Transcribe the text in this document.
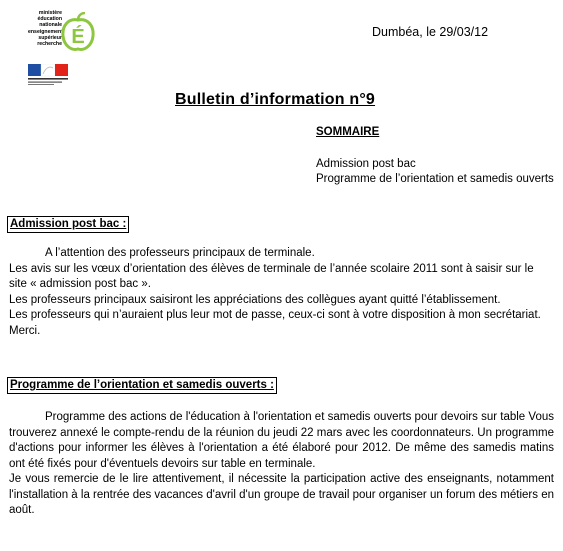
ministère
éducation
nationale
enseignement
supérieur
recherche É	Dumbéa, le 29/03/12
Bulletin d’information n°9
SOMMAIRE
Admission post bac
Programme de l’orientation et samedis ouverts
Admission post bac :

A l’attention des professeurs principaux de terminale.

Les avis sur les vœux d’orientation des élèves de terminale de l’année scolaire 2011 sont à saisir sur le site « admission post bac ».

Les professeurs principaux saisiront les appréciations des collègues ayant quitté l’établissement.

Les professeurs qui n’auraient plus leur mot de passe, ceux-ci sont à votre disposition à mon secrétariat.

Merci.

Programme de l’orientation et samedis ouverts :

Programme des actions de l'éducation à l'orientation et samedis ouverts pour devoirs sur table Vous trouverez annexé le compte-rendu de la réunion du jeudi 22 mars avec les coordonnateurs. Un programme d'actions pour informer les élèves à l'orientation a été élaboré pour 2012. De même des samedis matins ont été fixés pour d'éventuels devoirs sur table en terminale.

Je vous remercie de le lire attentivement, il nécessite la participation active des enseignants, notamment l'installation à la rentrée des vacances d'avril d'un groupe de travail pour organiser un forum des métiers en août.
